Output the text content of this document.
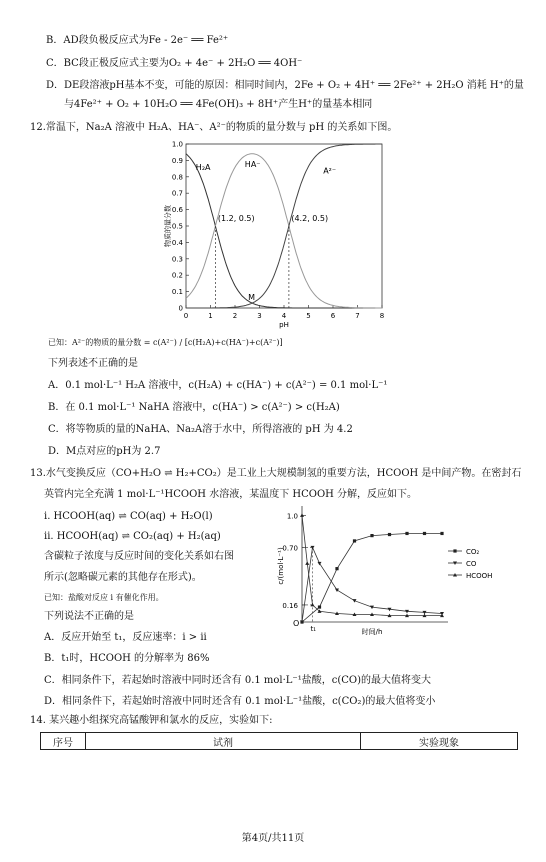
B．AD段负极反应式为Fe - 2e⁻ ══ Fe²⁺
C．BC段正极反应式主要为O₂ + 4e⁻ + 2H₂O ══ 4OH⁻
D．DE段溶液pH基本不变，可能的原因：相同时间内，2Fe + O₂ + 4H⁺ ══ 2Fe²⁺ + 2H₂O 消耗 H⁺的量
与4Fe²⁺ + O₂ + 10H₂O ══ 4Fe(OH)₃ + 8H⁺产生H⁺的量基本相同
12.常温下，Na₂A 溶液中 H₂A、HA⁻、A²⁻的物质的量分数与 pH 的关系如下图。
0	1	2	3	4	5	6	7	8
0
0.1
0.2
0.3
0.4
0.5
0.6
0.7
0.8
0.9
1.0
pH
物质的量分数
H₂A	HA⁻
A²⁻
(1.2, 0.5)	(4.2, 0.5)
M
O
0.16
0.70
1.0
t₁	时间/h
c/(mol·L⁻¹)	CO₂
CO
HCOOH
已知：A²⁻的物质的量分数 = c(A²⁻) / [c(H₂A)+c(HA⁻)+c(A²⁻)]
下列表述不正确的是
A．0.1 mol·L⁻¹ H₂A 溶液中，c(H₂A) + c(HA⁻) + c(A²⁻) = 0.1 mol·L⁻¹
B．在 0.1 mol·L⁻¹ NaHA 溶液中，c(HA⁻) > c(A²⁻) > c(H₂A)
C．将等物质的量的NaHA、Na₂A溶于水中，所得溶液的 pH 为 4.2
D．M点对应的pH为 2.7
13.水气变换反应（CO+H₂O ⇌ H₂+CO₂）是工业上大规模制氢的重要方法，HCOOH 是中间产物。在密封石
英管内完全充满 1 mol·L⁻¹HCOOH 水溶液，某温度下 HCOOH 分解，反应如下。
i. HCOOH(aq) ⇌ CO(aq) + H₂O(l)
ii. HCOOH(aq) ⇌ CO₂(aq) + H₂(aq)
含碳粒子浓度与反应时间的变化关系如右图
所示(忽略碳元素的其他存在形式)。
已知：盐酸对反应 i 有催化作用。
下列说法不正确的是
A．反应开始至 t₁，反应速率：i > ii
B．t₁时，HCOOH 的分解率为 86%
C．相同条件下，若起始时溶液中同时还含有 0.1 mol·L⁻¹盐酸，c(CO)的最大值将变大
D．相同条件下，若起始时溶液中同时还含有 0.1 mol·L⁻¹盐酸，c(CO₂)的最大值将变小
14. 某兴趣小组探究高锰酸钾和氯水的反应，实验如下:
序号	试剂	实验现象
第4页/共11页
